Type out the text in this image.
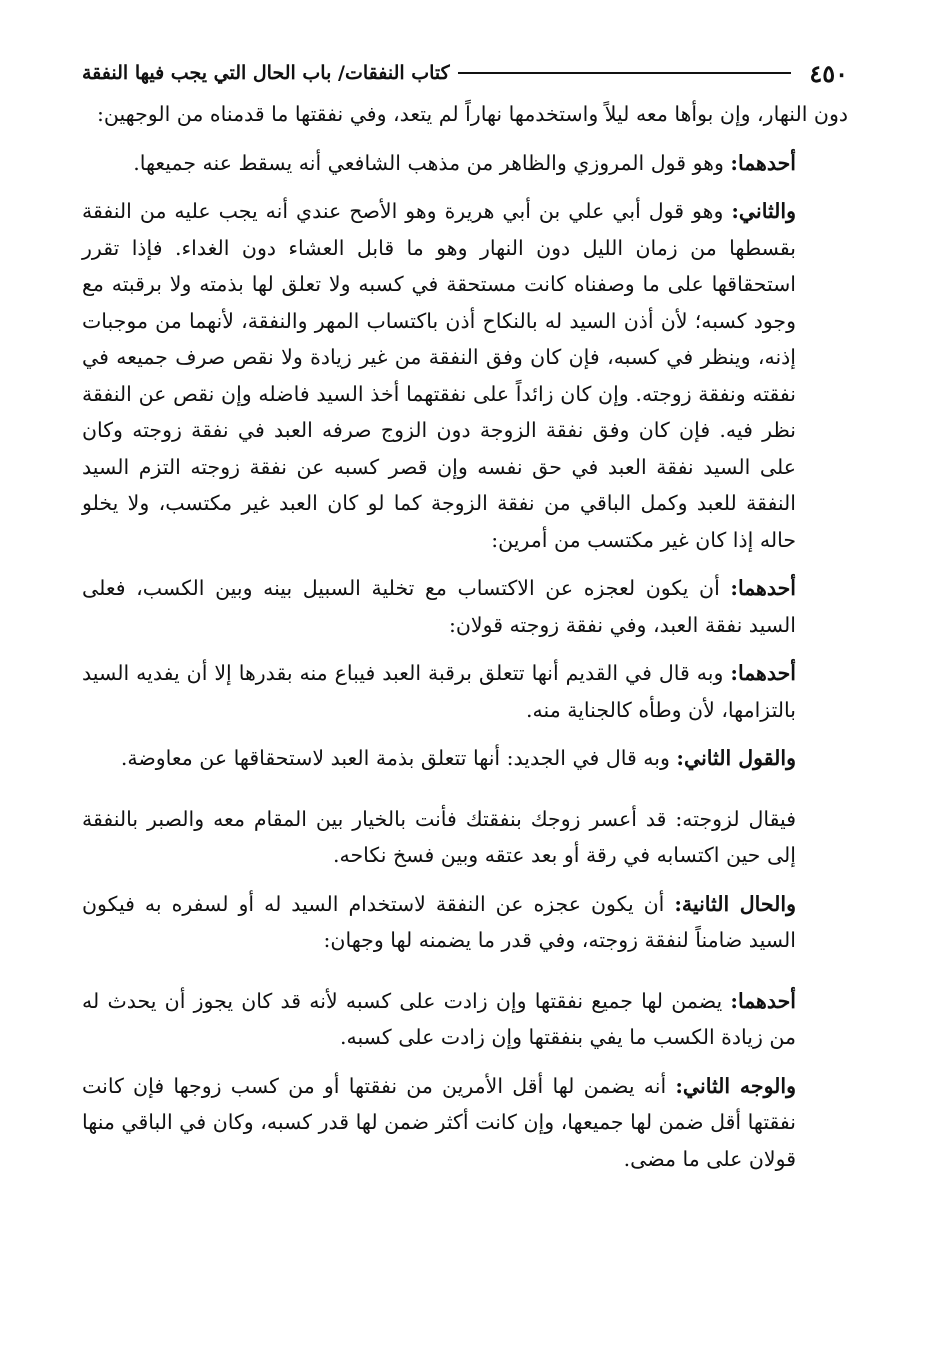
٤٥٠
كتاب النفقات/ باب الحال التي يجب فيها النفقة

دون النهار، وإن بوأها معه ليلاً واستخدمها نهاراً لم يتعد، وفي نفقتها ما قدمناه من الوجهين:

أحدهما: وهو قول المروزي والظاهر من مذهب الشافعي أنه يسقط عنه جميعها.

والثاني: وهو قول أبي علي بن أبي هريرة وهو الأصح عندي أنه يجب عليه من النفقة بقسطها من زمان الليل دون النهار وهو ما قابل العشاء دون الغداء. فإذا تقرر استحقاقها على ما وصفناه كانت مستحقة في كسبه ولا تعلق لها بذمته ولا برقبته مع وجود كسبه؛ لأن أذن السيد له بالنكاح أذن باكتساب المهر والنفقة، لأنهما من موجبات إذنه، وينظر في كسبه، فإن كان وفق النفقة من غير زيادة ولا نقص صرف جميعه في نفقته ونفقة زوجته. وإن كان زائداً على نفقتهما أخذ السيد فاضله وإن نقص عن النفقة نظر فيه. فإن كان وفق نفقة الزوجة دون الزوج صرفه العبد في نفقة زوجته وكان على السيد نفقة العبد في حق نفسه وإن قصر كسبه عن نفقة زوجته التزم السيد النفقة للعبد وكمل الباقي من نفقة الزوجة كما لو كان العبد غير مكتسب، ولا يخلو حاله إذا كان غير مكتسب من أمرين:

أحدهما: أن يكون لعجزه عن الاكتساب مع تخلية السبيل بينه وبين الكسب، فعلى السيد نفقة العبد، وفي نفقة زوجته قولان:

أحدهما: وبه قال في القديم أنها تتعلق برقبة العبد فيباع منه بقدرها إلا أن يفديه السيد بالتزامها، لأن وطأه كالجناية منه.

والقول الثاني: وبه قال في الجديد: أنها تتعلق بذمة العبد لاستحقاقها عن معاوضة.

فيقال لزوجته: قد أعسر زوجك بنفقتك فأنت بالخيار بين المقام معه والصبر بالنفقة إلى حين اكتسابه في رقة أو بعد عتقه وبين فسخ نكاحه.

والحال الثانية: أن يكون عجزه عن النفقة لاستخدام السيد له أو لسفره به فيكون السيد ضامناً لنفقة زوجته، وفي قدر ما يضمنه لها وجهان:

أحدهما: يضمن لها جميع نفقتها وإن زادت على كسبه لأنه قد كان يجوز أن يحدث له من زيادة الكسب ما يفي بنفقتها وإن زادت على كسبه.

والوجه الثاني: أنه يضمن لها أقل الأمرين من نفقتها أو من كسب زوجها فإن كانت نفقتها أقل ضمن لها جميعها، وإن كانت أكثر ضمن لها قدر كسبه، وكان في الباقي منها قولان على ما مضى.
